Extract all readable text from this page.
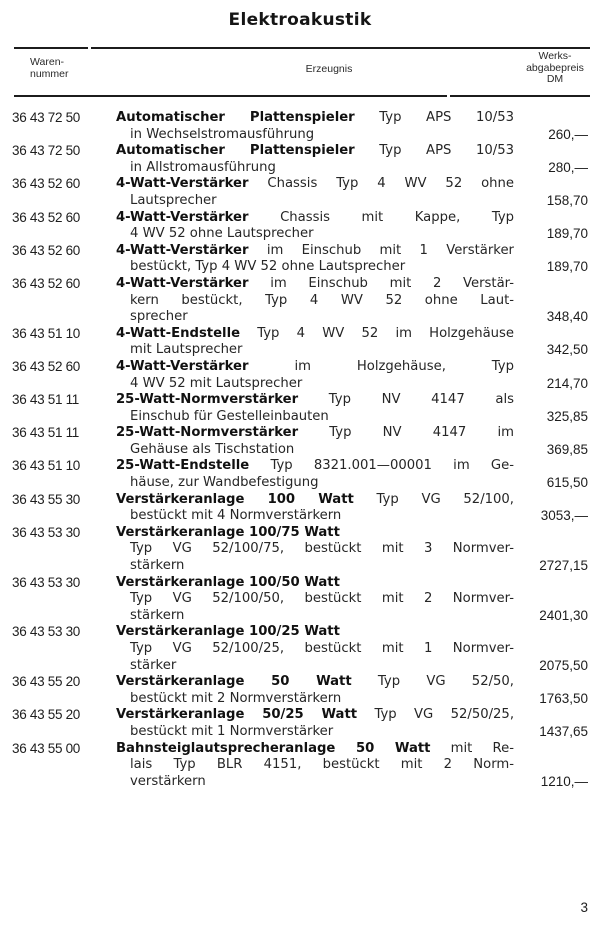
Elektroakustik
Waren-
nummer	Erzeugnis
Werks-
abgabepreis
DM
36 43 72 50	Automatischer Plattenspieler Typ APS 10/53
in Wechselstromausführung	260,—
36 43 72 50	Automatischer Plattenspieler Typ APS 10/53
in Allstromausführung	280,—
36 43 52 60	4-Watt-Verstärker Chassis Typ 4 WV 52 ohne
Lautsprecher	158,70
36 43 52 60	4-Watt-Verstärker Chassis mit Kappe, Typ
4 WV 52 ohne Lautsprecher	189,70
36 43 52 60	4-Watt-Verstärker im Einschub mit 1 Verstärker
bestückt, Typ 4 WV 52 ohne Lautsprecher	189,70
36 43 52 60	4-Watt-Verstärker im Einschub mit 2 Verstär-
kern bestückt, Typ 4 WV 52 ohne Laut-
sprecher	348,40
36 43 51 10	4-Watt-Endstelle Typ 4 WV 52 im Holzgehäuse
mit Lautsprecher	342,50
36 43 52 60	4-Watt-Verstärker	im Holzgehäuse, Typ
4 WV 52 mit Lautsprecher	214,70
36 43 51 11	25-Watt-Normverstärker Typ NV 4147 als
Einschub für Gestelleinbauten	325,85
36 43 51 11	25-Watt-Normverstärker Typ NV 4147 im
Gehäuse als Tischstation	369,85
36 43 51 10	25-Watt-Endstelle Typ 8321.001—00001 im Ge-
häuse, zur Wandbefestigung	615,50
36 43 55 30	Verstärkeranlage 100 Watt Typ VG 52/100,
bestückt mit 4 Normverstärkern	3053,—
36 43 53 30	Verstärkeranlage 100/75 Watt
Typ VG 52/100/75, bestückt mit 3 Normver-
stärkern	2727,15
36 43 53 30	Verstärkeranlage 100/50 Watt
Typ VG 52/100/50, bestückt mit 2 Normver-
stärkern	2401,30
36 43 53 30	Verstärkeranlage 100/25 Watt
Typ VG 52/100/25, bestückt mit 1 Normver-
stärker	2075,50
36 43 55 20	Verstärkeranlage 50 Watt Typ VG 52/50,
bestückt mit 2 Normverstärkern	1763,50
36 43 55 20	Verstärkeranlage 50/25 Watt Typ VG 52/50/25,
bestückt mit 1 Normverstärker	1437,65
36 43 55 00	Bahnsteiglautsprecheranlage 50 Watt mit Re-
lais Typ BLR 4151, bestückt mit 2 Norm-
verstärkern	1210,—
3
